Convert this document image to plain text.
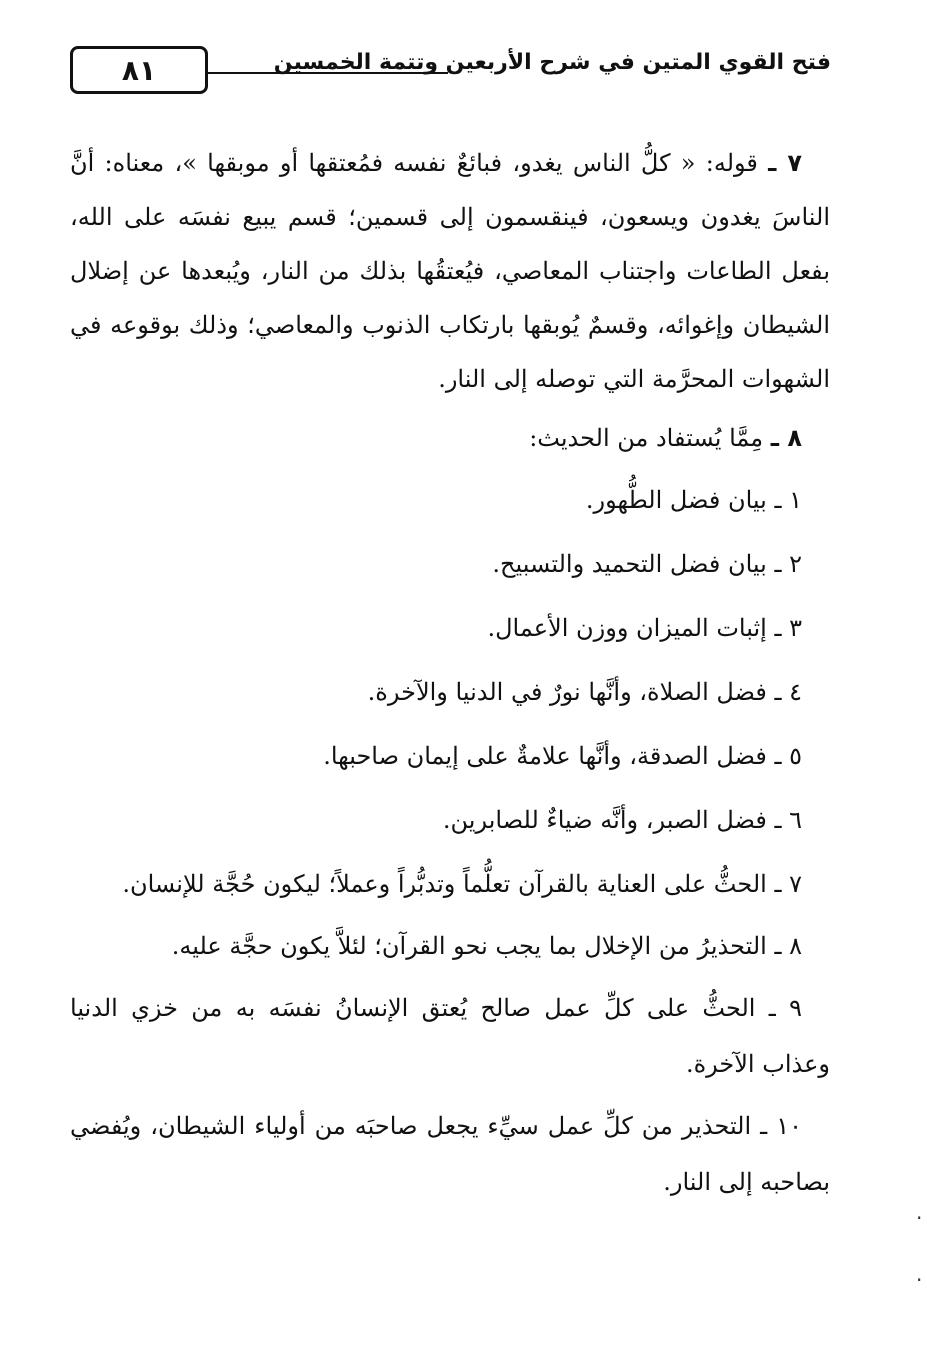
٨١	فتح القوي المتين في شرح الأربعين وتتمة الخمسين

٧ ـ قوله: « كلُّ الناس يغدو، فبائعٌ نفسه فمُعتقها أو موبقها »، معناه: أنَّ الناسَ يغدون ويسعون، فينقسمون إلى قسمين؛ قسم يبيع نفسَه على الله، بفعل الطاعات واجتناب المعاصي، فيُعتقُها بذلك من النار، ويُبعدها عن إضلال الشيطان وإغوائه، وقسمٌ يُوبقها بارتكاب الذنوب والمعاصي؛ وذلك بوقوعه في الشهوات المحرَّمة التي توصله إلى النار.

٨ ـ مِمَّا يُستفاد من الحديث:

١ ـ بيان فضل الطُّهور.

٢ ـ بيان فضل التحميد والتسبيح.

٣ ـ إثبات الميزان ووزن الأعمال.

٤ ـ فضل الصلاة، وأنَّها نورٌ في الدنيا والآخرة.

٥ ـ فضل الصدقة، وأنَّها علامةٌ على إيمان صاحبها.

٦ ـ فضل الصبر، وأنَّه ضياءٌ للصابرين.

٧ ـ الحثُّ على العناية بالقرآن تعلُّماً وتدبُّراً وعملاً؛ ليكون حُجَّة للإنسان.

٨ ـ التحذيرُ من الإخلال بما يجب نحو القرآن؛ لئلاَّ يكون حجَّة عليه.

٩ ـ الحثُّ على كلِّ عمل صالح يُعتق الإنسانُ نفسَه به من خزي الدنيا وعذاب الآخرة.

١٠ ـ التحذير من كلِّ عمل سيِّء يجعل صاحبَه من أولياء الشيطان، ويُفضي بصاحبه إلى النار.

·
·
